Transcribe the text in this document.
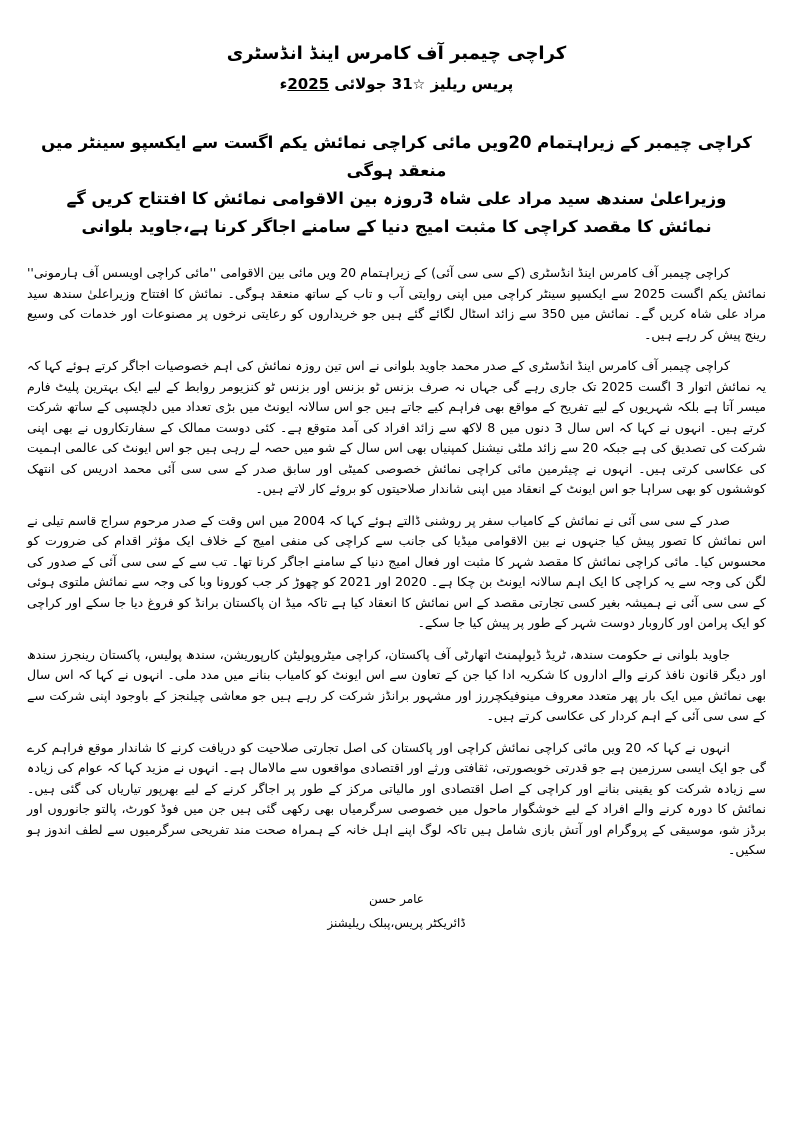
کراچی چیمبر آف کامرس اینڈ انڈسٹری
پریس ریلیز ☆31 جولائی 2025ء
کراچی چیمبر کے زیراہتمام 20ویں مائی کراچی نمائش یکم اگست سے ایکسپو سینٹر میں منعقد ہوگی
وزیراعلیٰ سندھ سید مراد علی شاہ 3روزہ بین الاقوامی نمائش کا افتتاح کریں گے
نمائش کا مقصد کراچی کا مثبت امیج دنیا کے سامنے اجاگر کرنا ہے،جاوید بلوانی

کراچی چیمبر آف کامرس اینڈ انڈسٹری (کے سی سی آئی) کے زیراہتمام 20 ویں مائی بین الاقوامی ''مائی کراچی اویسس آف ہارمونی'' نمائش یکم اگست 2025 سے ایکسپو سینٹر کراچی میں اپنی روایتی آب و تاب کے ساتھ منعقد ہوگی۔ نمائش کا افتتاح وزیراعلیٰ سندھ سید مراد علی شاہ کریں گے۔ نمائش میں 350 سے زائد اسٹال لگائے گئے ہیں جو خریداروں کو رعایتی نرخوں پر مصنوعات اور خدمات کی وسیع رینج پیش کر رہے ہیں۔

کراچی چیمبر آف کامرس اینڈ انڈسٹری کے صدر محمد جاوید بلوانی نے اس تین روزہ نمائش کی اہم خصوصیات اجاگر کرتے ہوئے کہا کہ یہ نمائش اتوار 3 اگست 2025 تک جاری رہے گی جہاں نہ صرف بزنس ٹو بزنس اور بزنس ٹو کنزیومر روابط کے لیے ایک بہترین پلیٹ فارم میسر آتا ہے بلکہ شہریوں کے لیے تفریح کے مواقع بھی فراہم کیے جاتے ہیں جو اس سالانہ ایونٹ میں بڑی تعداد میں دلچسپی کے ساتھ شرکت کرتے ہیں۔ انہوں نے کہا کہ اس سال 3 دنوں میں 8 لاکھ سے زائد افراد کی آمد متوقع ہے۔ کئی دوست ممالک کے سفارتکاروں نے بھی اپنی شرکت کی تصدیق کی ہے جبکہ 20 سے زائد ملٹی نیشنل کمپنیاں بھی اس سال کے شو میں حصہ لے رہی ہیں جو اس ایونٹ کی عالمی اہمیت کی عکاسی کرتی ہیں۔ انہوں نے چیئرمین مائی کراچی نمائش خصوصی کمیٹی اور سابق صدر کے سی سی آئی محمد ادریس کی انتھک کوششوں کو بھی سراہا جو اس ایونٹ کے انعقاد میں اپنی شاندار صلاحیتوں کو بروئے کار لاتے ہیں۔

صدر کے سی سی آئی نے نمائش کے کامیاب سفر پر روشنی ڈالتے ہوئے کہا کہ 2004 میں اس وقت کے صدر مرحوم سراج قاسم تیلی نے اس نمائش کا تصور پیش کیا جنہوں نے بین الاقوامی میڈیا کی جانب سے کراچی کی منفی امیج کے خلاف ایک مؤثر اقدام کی ضرورت کو محسوس کیا۔ مائی کراچی نمائش کا مقصد شہر کا مثبت اور فعال امیج دنیا کے سامنے اجاگر کرنا تھا۔ تب سے کے سی سی آئی کے صدور کی لگن کی وجہ سے یہ کراچی کا ایک اہم سالانہ ایونٹ بن چکا ہے۔ 2020 اور 2021 کو چھوڑ کر جب کورونا وبا کی وجہ سے نمائش ملتوی ہوئی کے سی سی آئی نے ہمیشہ بغیر کسی تجارتی مقصد کے اس نمائش کا انعقاد کیا ہے تاکہ میڈ ان پاکستان برانڈ کو فروغ دیا جا سکے اور کراچی کو ایک پرامن اور کاروبار دوست شہر کے طور پر پیش کیا جا سکے۔

جاوید بلوانی نے حکومت سندھ، ٹریڈ ڈیولپمنٹ اتھارٹی آف پاکستان، کراچی میٹروپولیٹن کارپوریشن، سندھ پولیس، پاکستان رینجرز سندھ اور دیگر قانون نافذ کرنے والے اداروں کا شکریہ ادا کیا جن کے تعاون سے اس ایونٹ کو کامیاب بنانے میں مدد ملی۔ انہوں نے کہا کہ اس سال بھی نمائش میں ایک بار پھر متعدد معروف مینوفیکچررز اور مشہور برانڈز شرکت کر رہے ہیں جو معاشی چیلنجز کے باوجود اپنی شرکت سے کے سی سی آئی کے اہم کردار کی عکاسی کرتے ہیں۔

انہوں نے کہا کہ 20 ویں مائی کراچی نمائش کراچی اور پاکستان کی اصل تجارتی صلاحیت کو دریافت کرنے کا شاندار موقع فراہم کرے گی جو ایک ایسی سرزمین ہے جو قدرتی خوبصورتی، ثقافتی ورثے اور اقتصادی مواقعوں سے مالامال ہے۔ انہوں نے مزید کہا کہ عوام کی زیادہ سے زیادہ شرکت کو یقینی بنانے اور کراچی کے اصل اقتصادی اور مالیاتی مرکز کے طور پر اجاگر کرنے کے لیے بھرپور تیاریاں کی گئی ہیں۔ نمائش کا دورہ کرنے والے افراد کے لیے خوشگوار ماحول میں خصوصی سرگرمیاں بھی رکھی گئی ہیں جن میں فوڈ کورٹ، پالتو جانوروں اور برڈز شو، موسیقی کے پروگرام اور آتش بازی شامل ہیں تاکہ لوگ اپنے اہل خانہ کے ہمراہ صحت مند تفریحی سرگرمیوں سے لطف اندوز ہو سکیں۔

عامر حسن
ڈائریکٹر پریس،پبلک ریلیشنز
